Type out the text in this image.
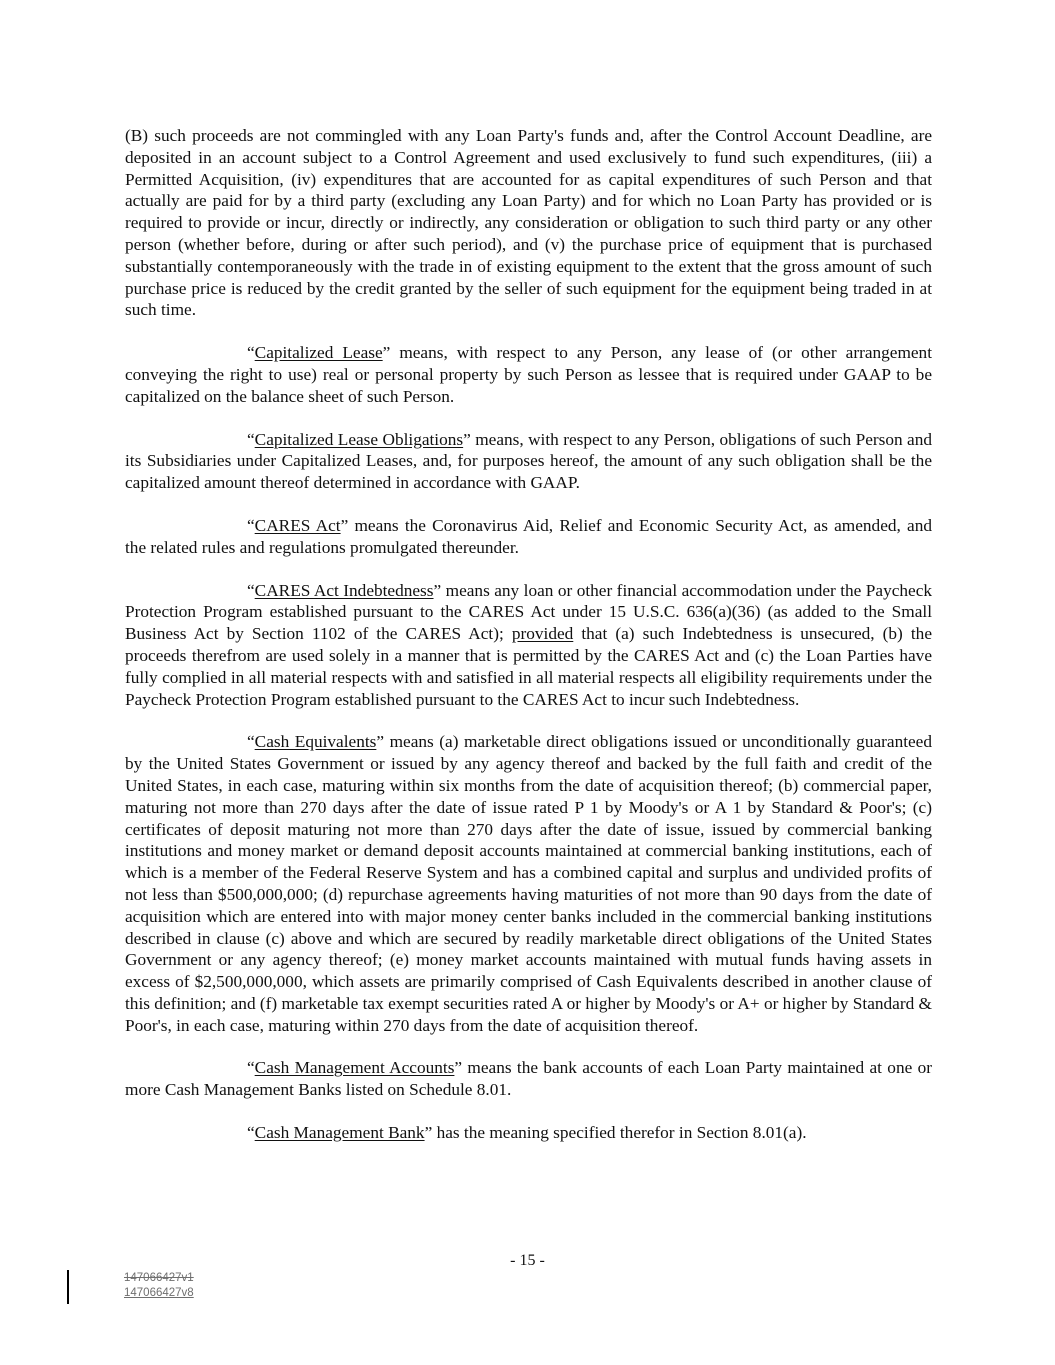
(B) such proceeds are not commingled with any Loan Party's funds and, after the Control Account Deadline, are deposited in an account subject to a Control Agreement and used exclusively to fund such expenditures, (iii) a Permitted Acquisition, (iv) expenditures that are accounted for as capital expenditures of such Person and that actually are paid for by a third party (excluding any Loan Party) and for which no Loan Party has provided or is required to provide or incur, directly or indirectly, any consideration or obligation to such third party or any other person (whether before, during or after such period), and (v) the purchase price of equipment that is purchased substantially contemporaneously with the trade in of existing equipment to the extent that the gross amount of such purchase price is reduced by the credit granted by the seller of such equipment for the equipment being traded in at such time.

“Capitalized Lease” means, with respect to any Person, any lease of (or other arrangement conveying the right to use) real or personal property by such Person as lessee that is required under GAAP to be capitalized on the balance sheet of such Person.

“Capitalized Lease Obligations” means, with respect to any Person, obligations of such Person and its Subsidiaries under Capitalized Leases, and, for purposes hereof, the amount of any such obligation shall be the capitalized amount thereof determined in accordance with GAAP.

“CARES Act” means the Coronavirus Aid, Relief and Economic Security Act, as amended, and the related rules and regulations promulgated thereunder.

“CARES Act Indebtedness” means any loan or other financial accommodation under the Paycheck Protection Program established pursuant to the CARES Act under 15 U.S.C. 636(a)(36) (as added to the Small Business Act by Section 1102 of the CARES Act); provided that (a) such Indebtedness is unsecured, (b) the proceeds therefrom are used solely in a manner that is permitted by the CARES Act and (c) the Loan Parties have fully complied in all material respects with and satisfied in all material respects all eligibility requirements under the Paycheck Protection Program established pursuant to the CARES Act to incur such Indebtedness.

“Cash Equivalents” means (a) marketable direct obligations issued or unconditionally guaranteed by the United States Government or issued by any agency thereof and backed by the full faith and credit of the United States, in each case, maturing within six months from the date of acquisition thereof; (b) commercial paper, maturing not more than 270 days after the date of issue rated P 1 by Moody's or A 1 by Standard & Poor's; (c) certificates of deposit maturing not more than 270 days after the date of issue, issued by commercial banking institutions and money market or demand deposit accounts maintained at commercial banking institutions, each of which is a member of the Federal Reserve System and has a combined capital and surplus and undivided profits of not less than $500,000,000; (d) repurchase agreements having maturities of not more than 90 days from the date of acquisition which are entered into with major money center banks included in the commercial banking institutions described in clause (c) above and which are secured by readily marketable direct obligations of the United States Government or any agency thereof; (e) money market accounts maintained with mutual funds having assets in excess of $2,500,000,000, which assets are primarily comprised of Cash Equivalents described in another clause of this definition; and (f) marketable tax exempt securities rated A or higher by Moody's or A+ or higher by Standard & Poor's, in each case, maturing within 270 days from the date of acquisition thereof.

“Cash Management Accounts” means the bank accounts of each Loan Party maintained at one or more Cash Management Banks listed on Schedule 8.01.

“Cash Management Bank” has the meaning specified therefor in Section 8.01(a).

- 15 -
147066427v1
147066427v8
